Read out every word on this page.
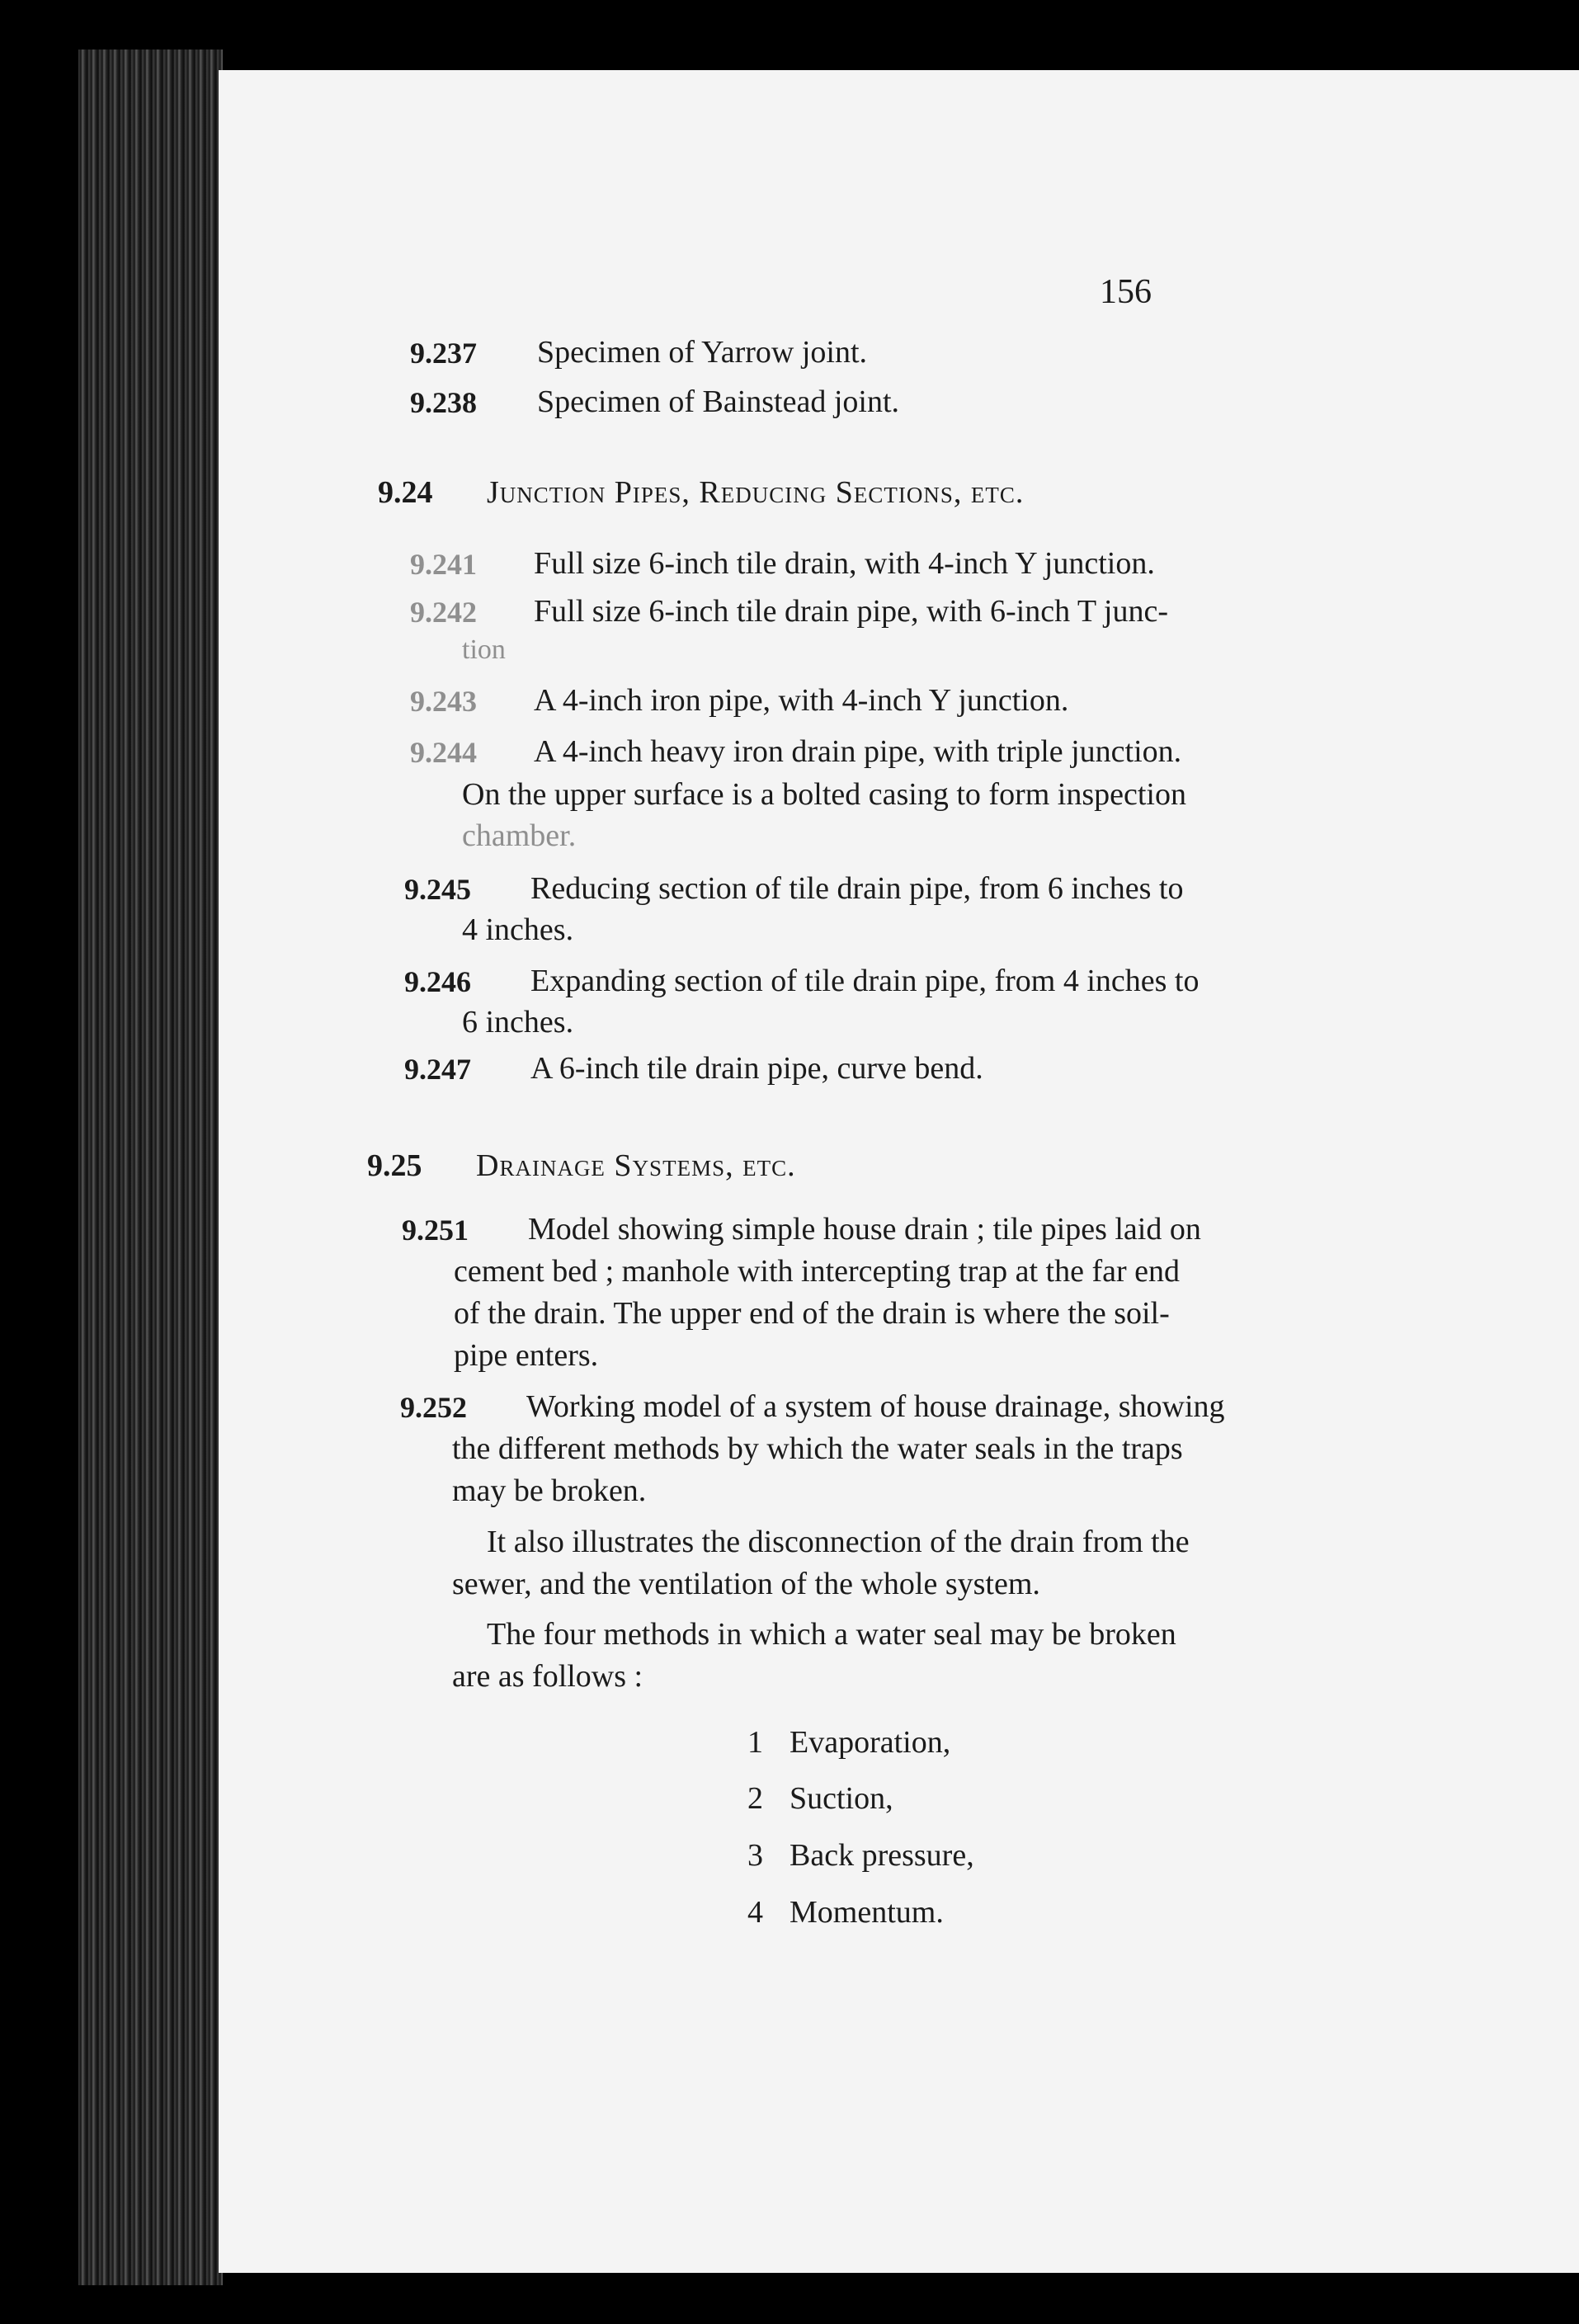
156
9.237 Specimen of Yarrow joint.
9.238 Specimen of Bainstead joint.
9.24 Junction Pipes, Reducing Sections, etc.
9.241 Full size 6-inch tile drain, with 4-inch Y junction.
9.242 Full size 6-inch tile drain pipe, with 6-inch T junc-
tion
9.243 A 4-inch iron pipe, with 4-inch Y junction.
9.244 A 4-inch heavy iron drain pipe, with triple junction.
On the upper surface is a bolted casing to form inspection
chamber.
9.245 Reducing section of tile drain pipe, from 6 inches to
4 inches.
9.246 Expanding section of tile drain pipe, from 4 inches to
6 inches.
9.247 A 6-inch tile drain pipe, curve bend.
9.25 Drainage Systems, etc.
9.251 Model showing simple house drain ; tile pipes laid on
cement bed ; manhole with intercepting trap at the far end
of the drain. The upper end of the drain is where the soil-
pipe enters.
9.252 Working model of a system of house drainage, showing
the different methods by which the water seals in the traps
may be broken.
It also illustrates the disconnection of the drain from the
sewer, and the ventilation of the whole system.
The four methods in which a water seal may be broken
are as follows :
1 Evaporation,
2 Suction,
3 Back pressure,
4 Momentum.
